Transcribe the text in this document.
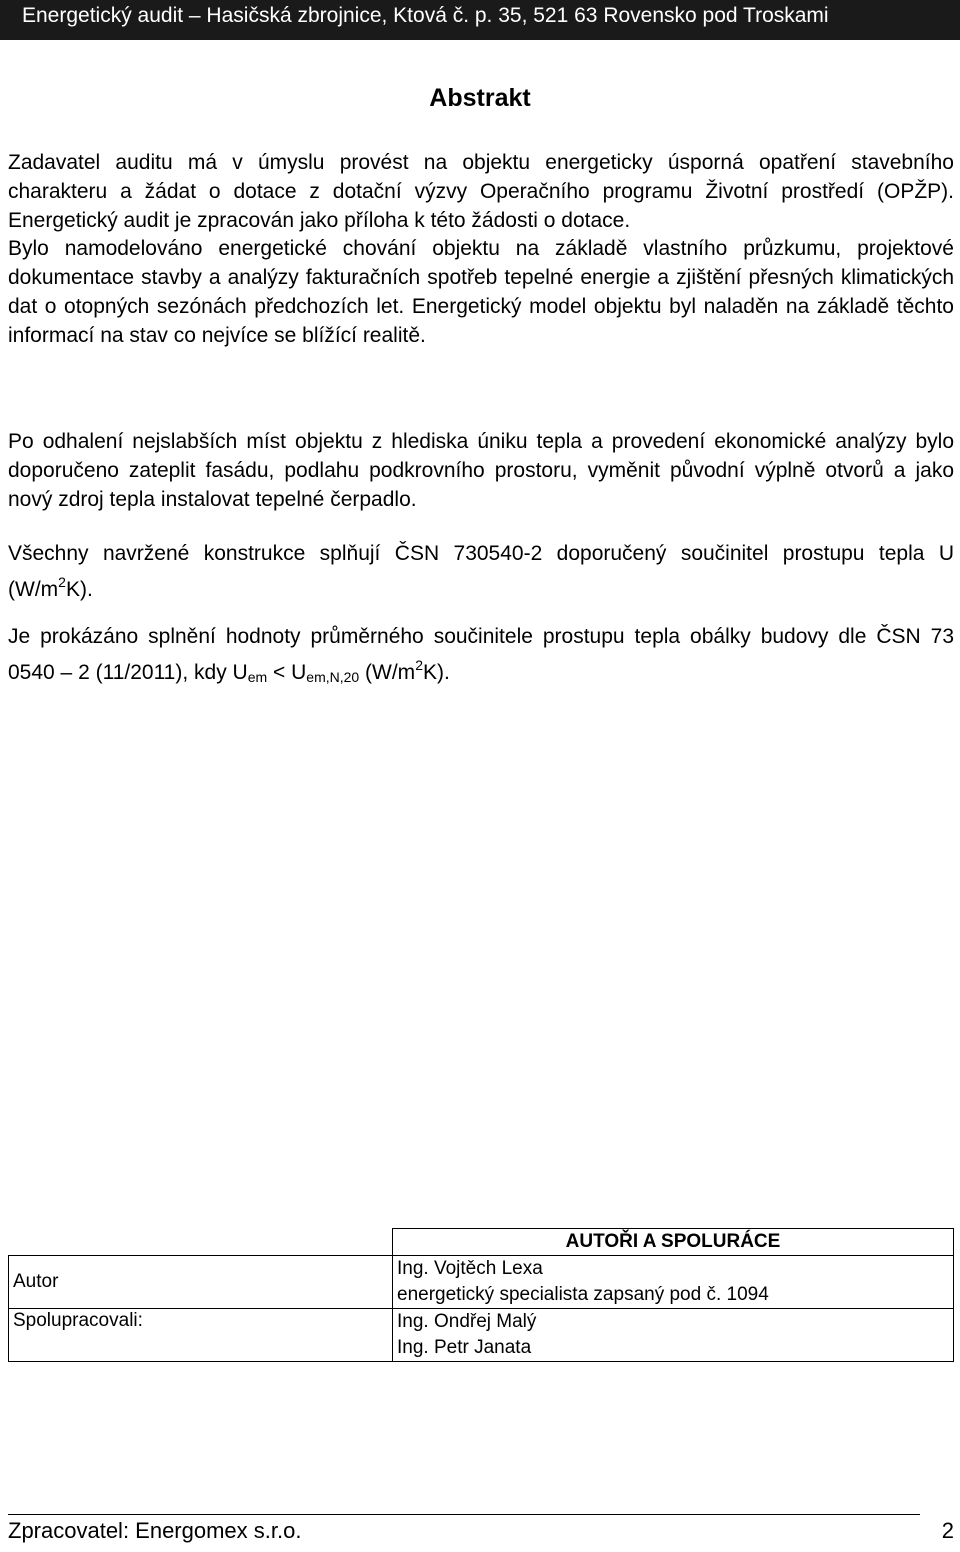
Energetický audit – Hasičská zbrojnice, Ktová č. p. 35, 521 63 Rovensko pod Troskami
Abstrakt
Zadavatel auditu má v úmyslu provést na objektu energeticky úsporná opatření stavebního charakteru a žádat o dotace z dotační výzvy Operačního programu Životní prostředí (OPŽP). Energetický audit je zpracován jako příloha k této žádosti o dotace.
Bylo namodelováno energetické chování objektu na základě vlastního průzkumu, projektové dokumentace stavby a analýzy fakturačních spotřeb tepelné energie a zjištění přesných klimatických dat o otopných sezónách předchozích let. Energetický model objektu byl naladěn na základě těchto informací na stav co nejvíce se blížící realitě.
Po odhalení nejslabších míst objektu z hlediska úniku tepla a provedení ekonomické analýzy bylo doporučeno zateplit fasádu, podlahu podkrovního prostoru, vyměnit původní výplně otvorů a jako nový zdroj tepla instalovat tepelné čerpadlo.
Všechny navržené konstrukce splňují ČSN 730540-2 doporučený součinitel prostupu tepla U $(W/m^2K)$.
Je prokázáno splnění hodnoty průměrného součinitele prostupu tepla obálky budovy dle ČSN 73 0540 – 2 (11/2011), kdy $U_{em} < U_{em,N,20}$ $(W/m^2K)$.
	AUTOŘI A SPOLURÁCE
Autor	Ing. Vojtěch Lexa
energetický specialista zapsaný pod č. 1094

Spolupracovali:	Ing. Ondřej Malý
Ing. Petr Janata
Zpracovatel: Energomex s.r.o.	2
